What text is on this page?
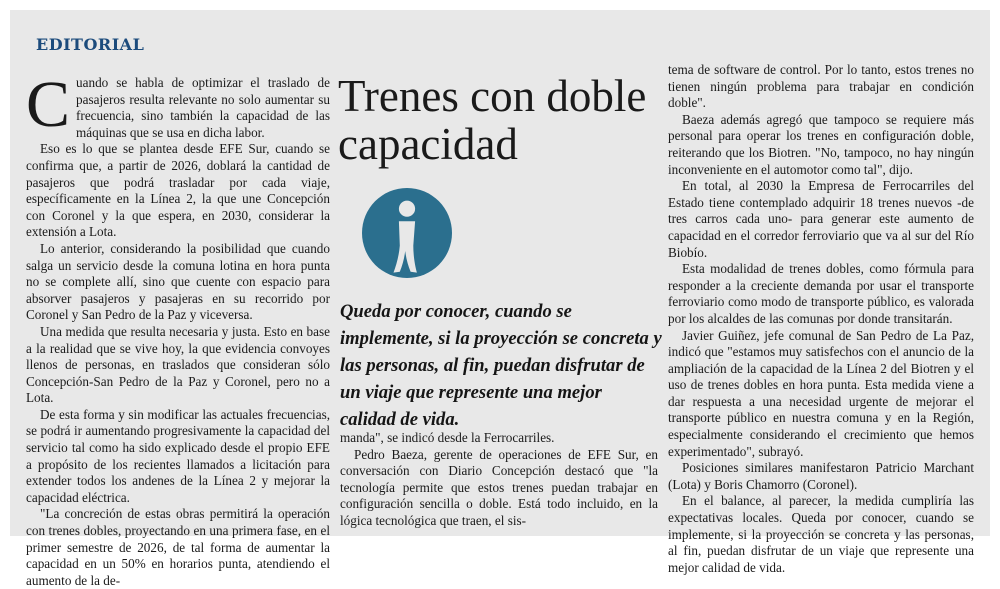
EDITORIAL

Cuando se habla de optimizar el traslado de pasajeros resulta relevante no solo aumentar su frecuencia, sino también la capacidad de las máquinas que se usa en dicha labor.

Eso es lo que se plantea desde EFE Sur, cuando se confirma que, a partir de 2026, doblará la cantidad de pasajeros que podrá trasladar por cada viaje, específicamente en la Línea 2, la que une Concepción con Coronel y la que espera, en 2030, considerar la extensión a Lota.

Lo anterior, considerando la posibilidad que cuando salga un servicio desde la comuna lotina en hora punta no se complete allí, sino que cuente con espacio para absorver pasajeros y pasajeras en su recorrido por Coronel y San Pedro de la Paz y viceversa.

Una medida que resulta necesaria y justa. Esto en base a la realidad que se vive hoy, la que evidencia convoyes llenos de personas, en traslados que consideran sólo Concepción-San Pedro de la Paz y Coronel, pero no a Lota.

De esta forma y sin modificar las actuales frecuencias, se podrá ir aumentando progresivamente la capacidad del servicio tal como ha sido explicado desde el propio EFE a propósito de los recientes llamados a licitación para extender todos los andenes de la Línea 2 y mejorar la capacidad eléctrica.

"La concreción de estas obras permitirá la operación con trenes dobles, proyectando en una primera fase, en el primer semestre de 2026, de tal forma de aumentar la capacidad en un 50% en horarios punta, atendiendo el aumento de la de-

Trenes con doble capacidad
Queda por conocer, cuando se implemente, si la proyección se concreta y las personas, al fin, puedan disfrutar de un viaje que represente una mejor calidad de vida.

manda", se indicó desde la Ferrocarriles.

Pedro Baeza, gerente de operaciones de EFE Sur, en conversación con Diario Concepción destacó que "la tecnología permite que estos trenes puedan trabajar en configuración sencilla o doble. Está todo incluido, en la lógica tecnológica que traen, el sis-

tema de software de control. Por lo tanto, estos trenes no tienen ningún problema para trabajar en condición doble".

Baeza además agregó que tampoco se requiere más personal para operar los trenes en configuración doble, reiterando que los Biotren. "No, tampoco, no hay ningún inconveniente en el automotor como tal", dijo.

En total, al 2030 la Empresa de Ferrocarriles del Estado tiene contemplado adquirir 18 trenes nuevos -de tres carros cada uno- para generar este aumento de capacidad en el corredor ferroviario que va al sur del Río Biobío.

Esta modalidad de trenes dobles, como fórmula para responder a la creciente demanda por usar el transporte ferroviario como modo de transporte público, es valorada por los alcaldes de las comunas por donde transitarán.

Javier Guiñez, jefe comunal de San Pedro de La Paz, indicó que "estamos muy satisfechos con el anuncio de la ampliación de la capacidad de la Línea 2 del Biotren y el uso de trenes dobles en hora punta. Esta medida viene a dar respuesta a una necesidad urgente de mejorar el transporte público en nuestra comuna y en la Región, especialmente considerando el crecimiento que hemos experimentado", subrayó.

Posiciones similares manifestaron Patricio Marchant (Lota) y Boris Chamorro (Coronel).

En el balance, al parecer, la medida cumpliría las expectativas locales. Queda por conocer, cuando se implemente, si la proyección se concreta y las personas, al fin, puedan disfrutar de un viaje que represente una mejor calidad de vida.
